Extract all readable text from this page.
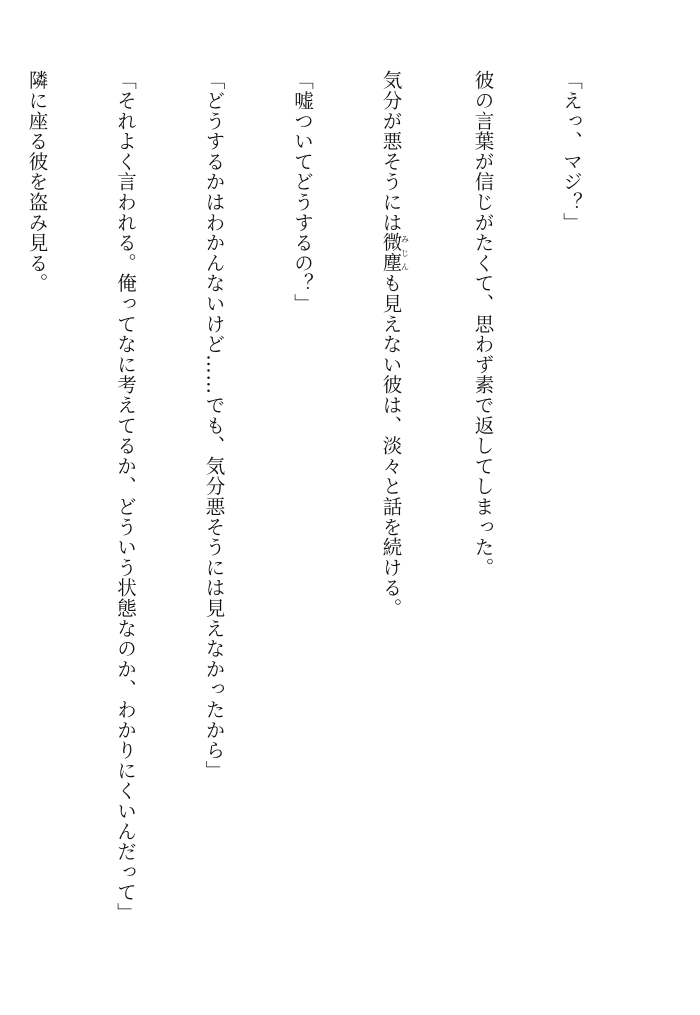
「えっ、マジ？」

彼の言葉が信じがたくて、思わず素で返してしまった。

気分が悪そうには微塵みじんも見えない彼は、淡々と話を続ける。

「嘘ついてどうするの？」

「どうするかはわかんないけど……でも、気分悪そうには見えなかったから」

「それよく言われる。俺ってなに考えてるか、どういう状態なのか、わかりにくいんだって」

隣に座る彼を盗み見る。
